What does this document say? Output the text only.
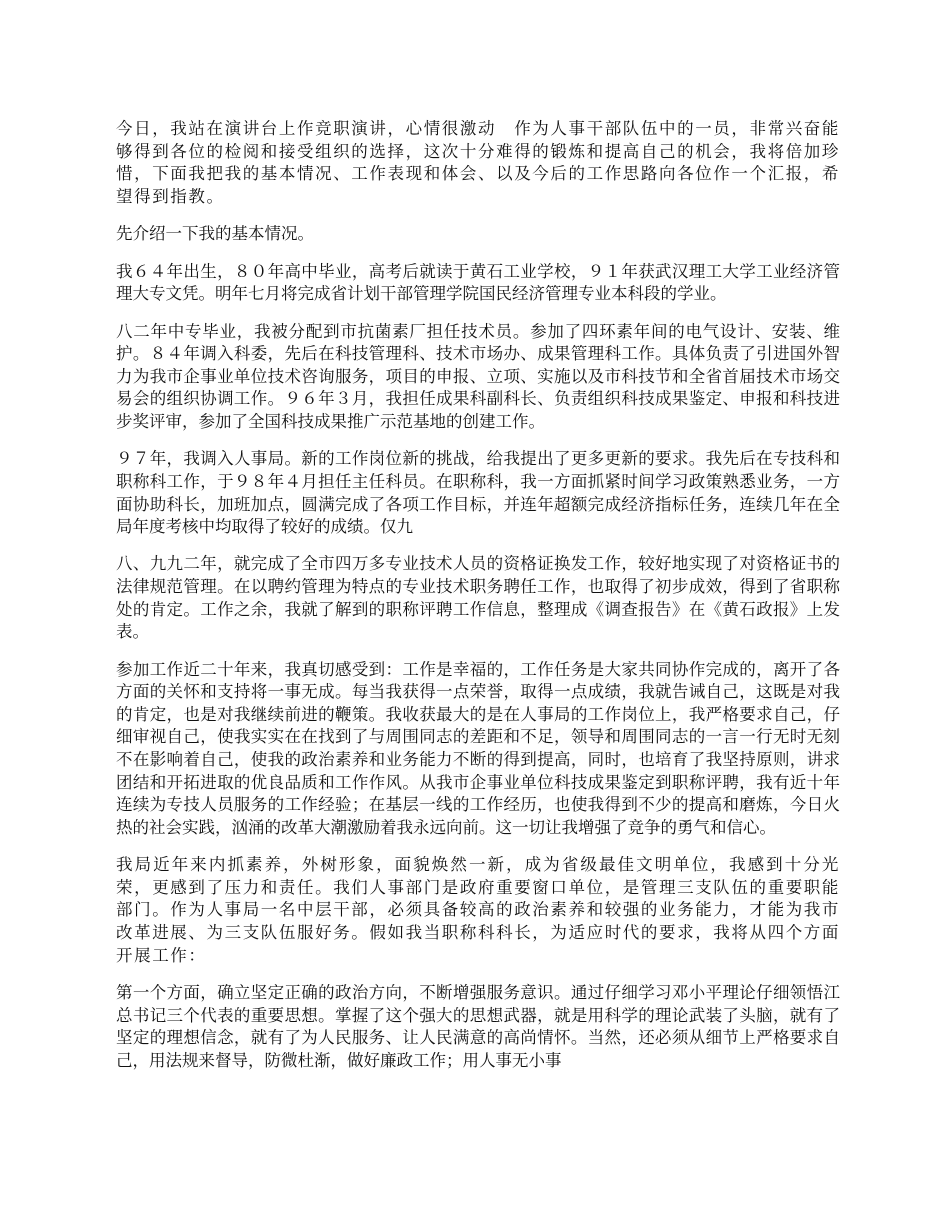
今日，我站在演讲台上作竞职演讲，心情很激动　作为人事干部队伍中的一员，非常兴奋能够得到各位的检阅和接受组织的选择，这次十分难得的锻炼和提高自己的机会，我将倍加珍惜，下面我把我的基本情况、工作表现和体会、以及今后的工作思路向各位作一个汇报，希望得到指教。

先介绍一下我的基本情况。

我６４年出生，８０年高中毕业，高考后就读于黄石工业学校，９１年获武汉理工大学工业经济管理大专文凭。明年七月将完成省计划干部管理学院国民经济管理专业本科段的学业。

八二年中专毕业，我被分配到市抗菌素厂担任技术员。参加了四环素年间的电气设计、安装、维护。８４年调入科委，先后在科技管理科、技术市场办、成果管理科工作。具体负责了引进国外智力为我市企事业单位技术咨询服务，项目的申报、立项、实施以及市科技节和全省首届技术市场交易会的组织协调工作。９６年３月，我担任成果科副科长、负责组织科技成果鉴定、申报和科技进步奖评审，参加了全国科技成果推广示范基地的创建工作。

９７年，我调入人事局。新的工作岗位新的挑战，给我提出了更多更新的要求。我先后在专技科和职称科工作，于９８年４月担任主任科员。在职称科，我一方面抓紧时间学习政策熟悉业务，一方面协助科长，加班加点，圆满完成了各项工作目标，并连年超额完成经济指标任务，连续几年在全局年度考核中均取得了较好的成绩。仅九

八、九九二年，就完成了全市四万多专业技术人员的资格证换发工作，较好地实现了对资格证书的法律规范管理。在以聘约管理为特点的专业技术职务聘任工作，也取得了初步成效，得到了省职称处的肯定。工作之余，我就了解到的职称评聘工作信息，整理成《调查报告》在《黄石政报》上发表。

参加工作近二十年来，我真切感受到：工作是幸福的，工作任务是大家共同协作完成的，离开了各方面的关怀和支持将一事无成。每当我获得一点荣誉，取得一点成绩，我就告诫自己，这既是对我的肯定，也是对我继续前进的鞭策。我收获最大的是在人事局的工作岗位上，我严格要求自己，仔细审视自己，使我实实在在找到了与周围同志的差距和不足，领导和周围同志的一言一行无时无刻不在影响着自己，使我的政治素养和业务能力不断的得到提高，同时，也培育了我坚持原则，讲求团结和开拓进取的优良品质和工作作风。从我市企事业单位科技成果鉴定到职称评聘，我有近十年连续为专技人员服务的工作经验；在基层一线的工作经历，也使我得到不少的提高和磨炼，今日火热的社会实践，汹涌的改革大潮激励着我永远向前。这一切让我增强了竞争的勇气和信心。

我局近年来内抓素养，外树形象，面貌焕然一新，成为省级最佳文明单位，我感到十分光荣，更感到了压力和责任。我们人事部门是政府重要窗口单位，是管理三支队伍的重要职能部门。作为人事局一名中层干部，必须具备较高的政治素养和较强的业务能力，才能为我市改革进展、为三支队伍服好务。假如我当职称科科长，为适应时代的要求，我将从四个方面开展工作：

第一个方面，确立坚定正确的政治方向，不断增强服务意识。通过仔细学习邓小平理论仔细领悟江总书记三个代表的重要思想。掌握了这个强大的思想武器，就是用科学的理论武装了头脑，就有了坚定的理想信念，就有了为人民服务、让人民满意的高尚情怀。当然，还必须从细节上严格要求自己，用法规来督导，防微杜渐，做好廉政工作；用人事无小事
